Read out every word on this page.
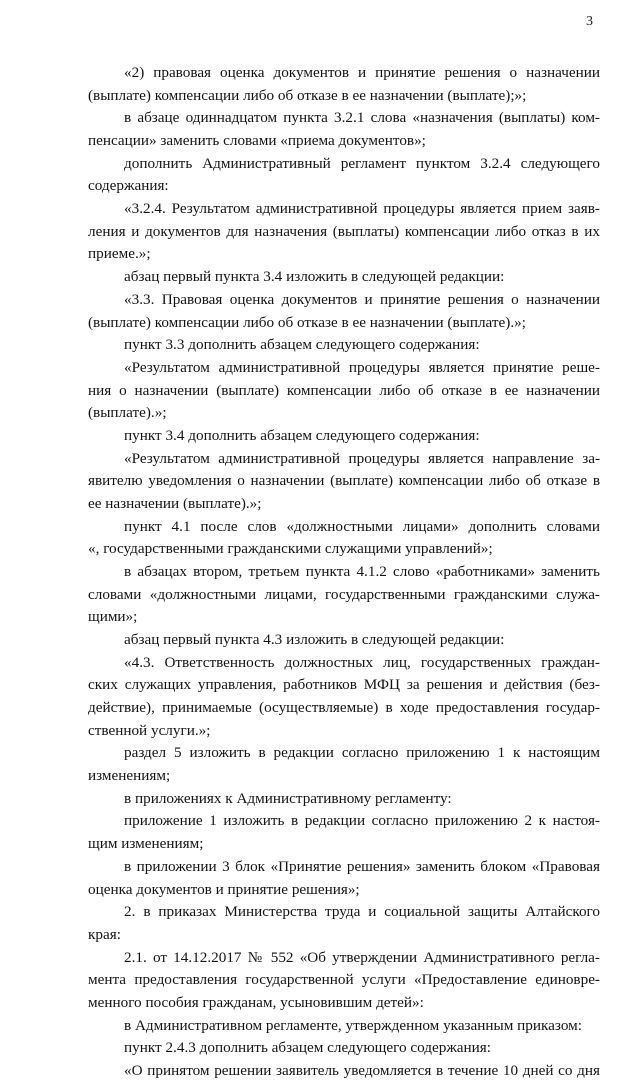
3
«2) правовая оценка документов и принятие решения о назначении
(выплате) компенсации либо об отказе в ее назначении (выплате);»;
в абзаце одиннадцатом пункта 3.2.1 слова «назначения (выплаты) ком-
пенсации» заменить словами «приема документов»;
дополнить Административный регламент пунктом 3.2.4 следующего
содержания:
«3.2.4. Результатом административной процедуры является прием заяв-
ления и документов для назначения (выплаты) компенсации либо отказ в их
приеме.»;
абзац первый пункта 3.4 изложить в следующей редакции:
«3.3. Правовая оценка документов и принятие решения о назначении
(выплате) компенсации либо об отказе в ее назначении (выплате).»;
пункт 3.3 дополнить абзацем следующего содержания:
«Результатом административной процедуры является принятие реше-
ния о назначении (выплате) компенсации либо об отказе в ее назначении
(выплате).»;
пункт 3.4 дополнить абзацем следующего содержания:
«Результатом административной процедуры является направление за-
явителю уведомления о назначении (выплате) компенсации либо об отказе в
ее назначении (выплате).»;
пункт 4.1 после слов «должностными лицами» дополнить словами
«, государственными гражданскими служащими управлений»;
в абзацах втором, третьем пункта 4.1.2 слово «работниками» заменить
словами «должностными лицами, государственными гражданскими служа-
щими»;
абзац первый пункта 4.3 изложить в следующей редакции:
«4.3. Ответственность должностных лиц, государственных граждан-
ских служащих управления, работников МФЦ за решения и действия (без-
действие), принимаемые (осуществляемые) в ходе предоставления государ-
ственной услуги.»;
раздел 5 изложить в редакции согласно приложению 1 к настоящим
изменениям;
в приложениях к Административному регламенту:
приложение 1 изложить в редакции согласно приложению 2 к настоя-
щим изменениям;
в приложении 3 блок «Принятие решения» заменить блоком «Правовая
оценка документов и принятие решения»;
2. в приказах Министерства труда и социальной защиты Алтайского
края:
2.1. от 14.12.2017 № 552 «Об утверждении Административного регла-
мента предоставления государственной услуги «Предоставление единовре-
менного пособия гражданам, усыновившим детей»:
в Административном регламенте, утвержденном указанным приказом:
пункт 2.4.3 дополнить абзацем следующего содержания:
«О принятом решении заявитель уведомляется в течение 10 дней со дня
